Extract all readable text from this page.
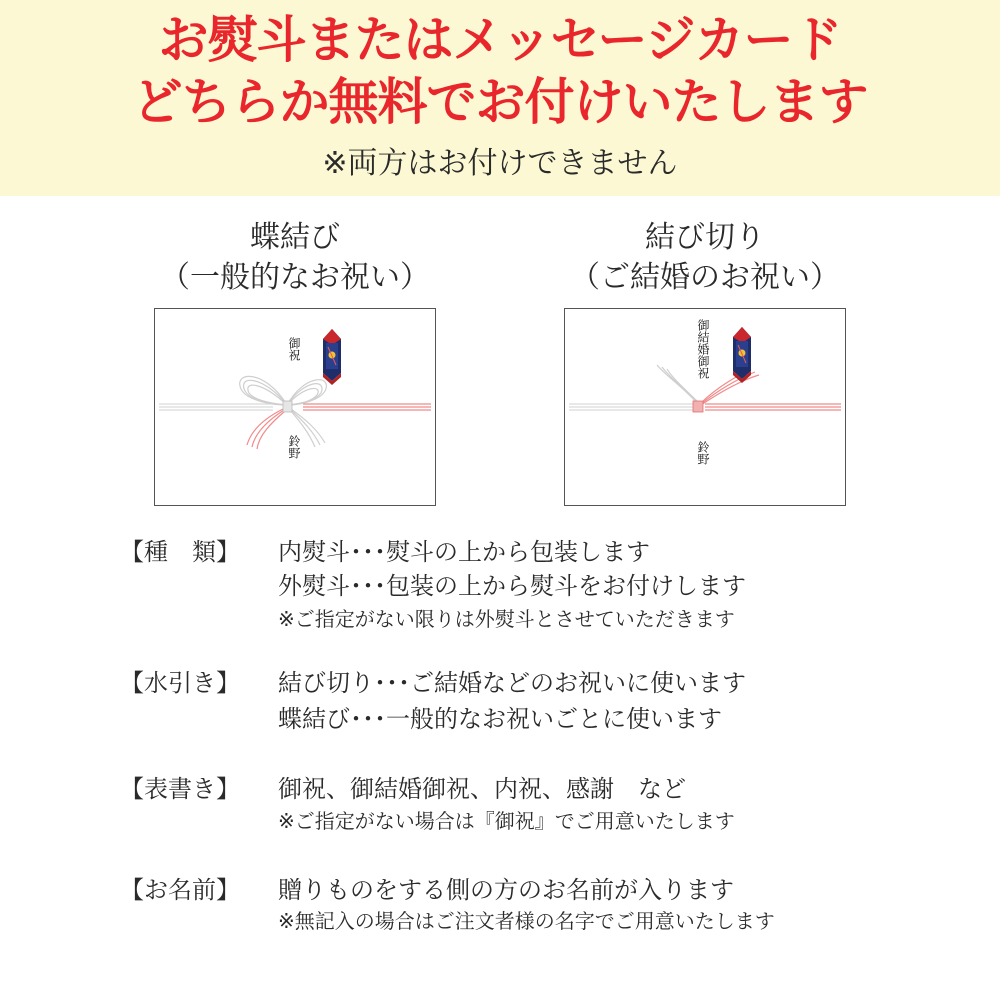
お熨斗またはメッセージカード
どちらか無料でお付けいたします
※両方はお付けできません
蝶結び
（一般的なお祝い）
御祝
鈴野
結び切り
（ご結婚のお祝い）
御結婚御祝
鈴野
【種　類】 内熨斗･･･熨斗の上から包装します
外熨斗･･･包装の上から熨斗をお付けします
※ご指定がない限りは外熨斗とさせていただきます
【水引き】 結び切り･･･ご結婚などのお祝いに使います
蝶結び･･･一般的なお祝いごとに使います
【表書き】 御祝、御結婚御祝、内祝、感謝　など
※ご指定がない場合は『御祝』でご用意いたします
【お名前】 贈りものをする側の方のお名前が入ります
※無記入の場合はご注文者様の名字でご用意いたします
